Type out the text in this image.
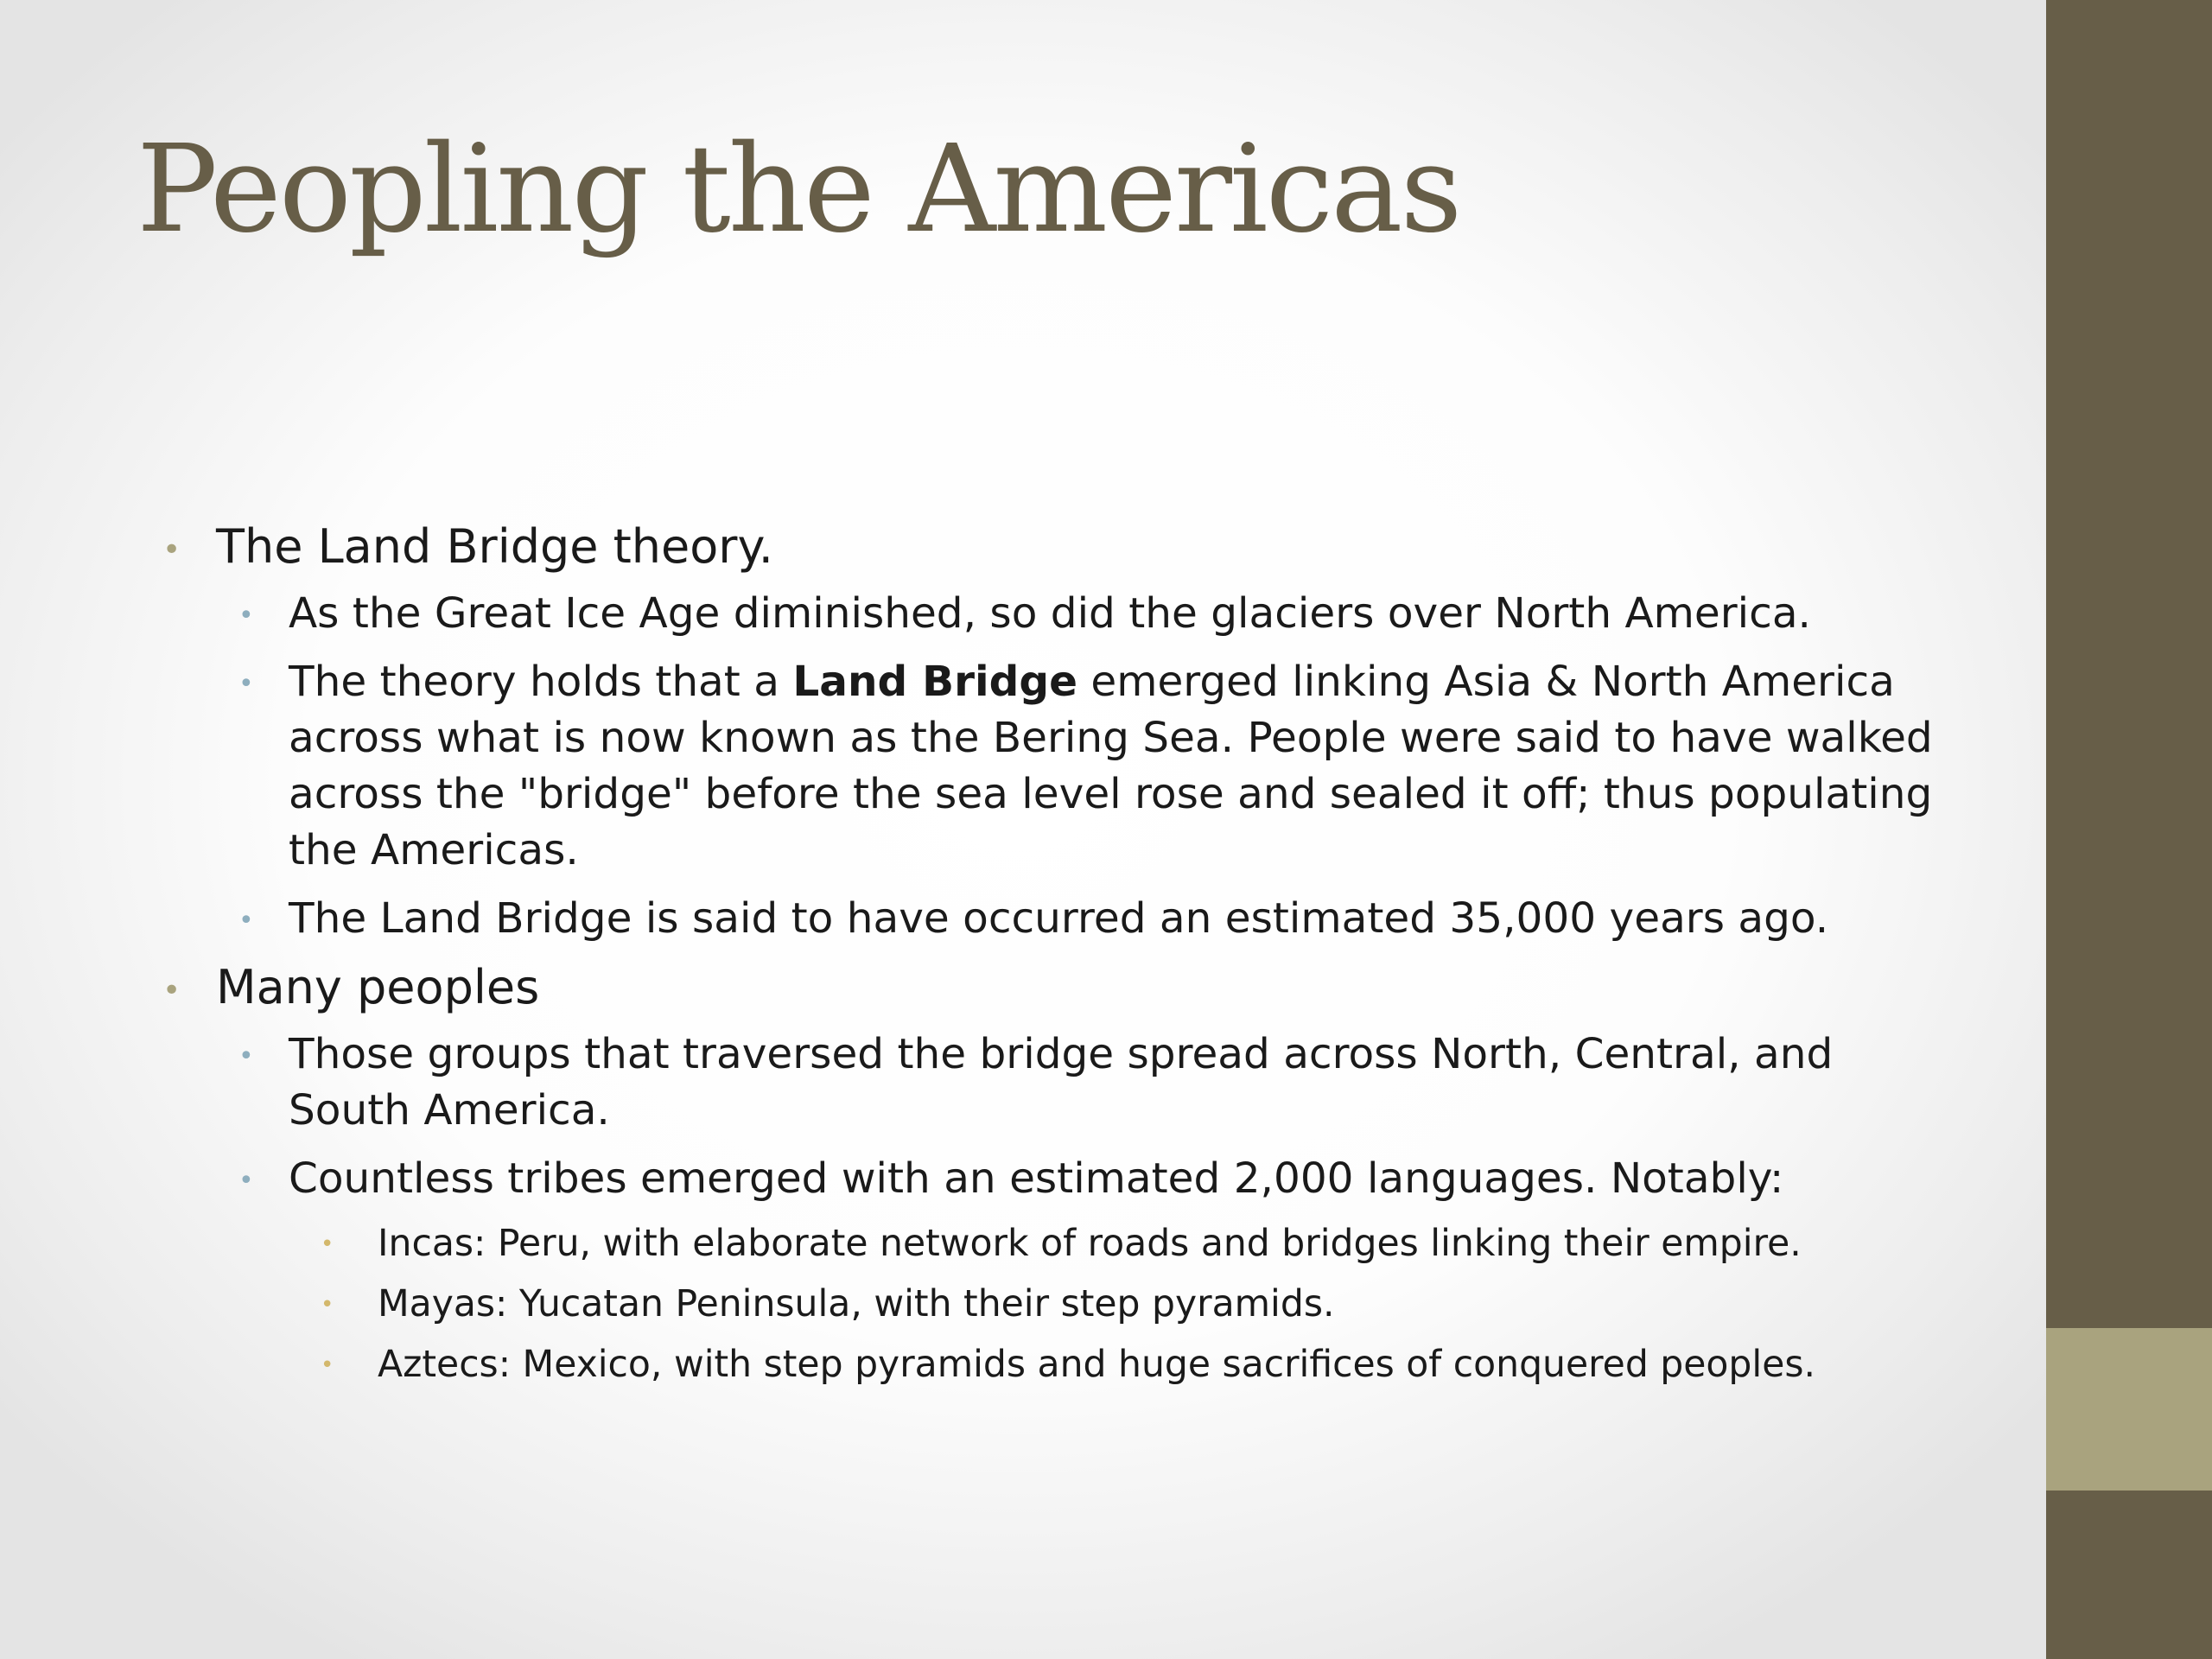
Peopling the Americas
• The Land Bridge theory.
• As the Great Ice Age diminished, so did the glaciers over North America.
• The theory holds that a Land Bridge emerged linking Asia & North America across what is now known as the Bering Sea. People were said to have walked across the "bridge" before the sea level rose and sealed it off; thus populating the Americas.
• The Land Bridge is said to have occurred an estimated 35,000 years ago.
• Many peoples
• Those groups that traversed the bridge spread across North, Central, and South America.
• Countless tribes emerged with an estimated 2,000 languages. Notably:
• Incas: Peru, with elaborate network of roads and bridges linking their empire.
• Mayas: Yucatan Peninsula, with their step pyramids.
• Aztecs: Mexico, with step pyramids and huge sacrifices of conquered peoples.
